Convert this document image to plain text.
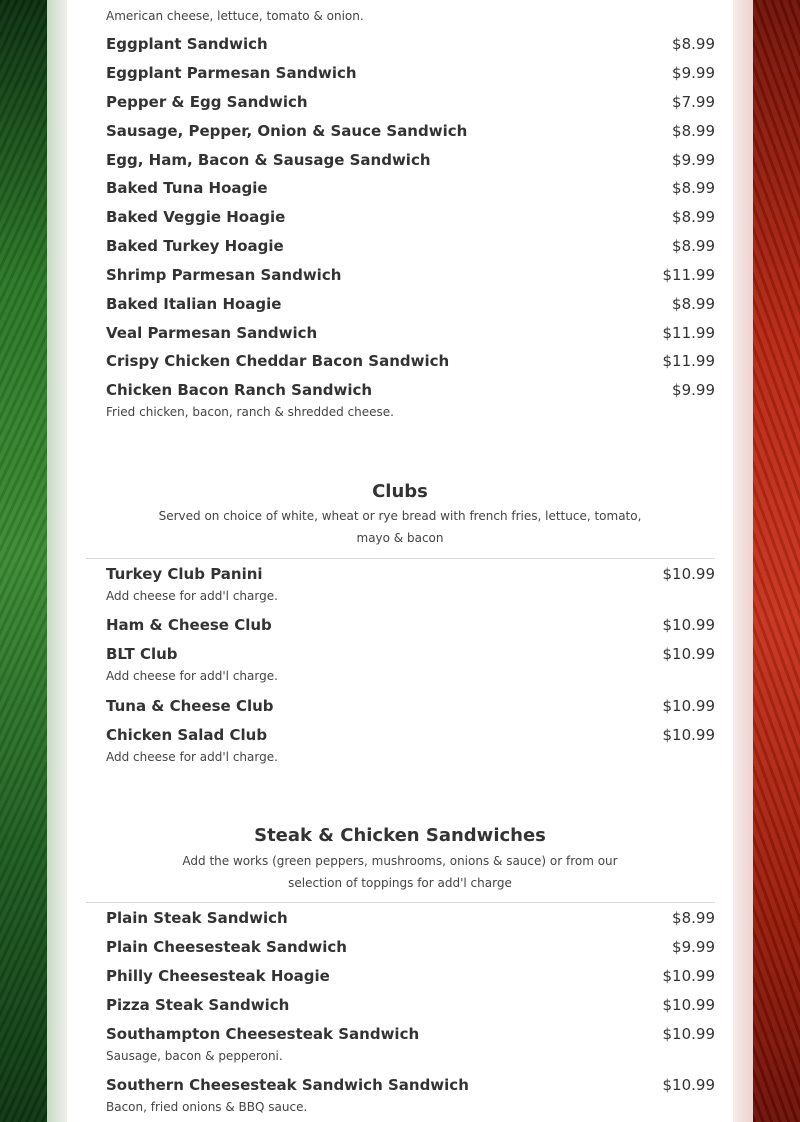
American cheese, lettuce, tomato & onion.
Eggplant Sandwich	$8.99
Eggplant Parmesan Sandwich	$9.99
Pepper & Egg Sandwich	$7.99
Sausage, Pepper, Onion & Sauce Sandwich	$8.99
Egg, Ham, Bacon & Sausage Sandwich	$9.99
Baked Tuna Hoagie	$8.99
Baked Veggie Hoagie	$8.99
Baked Turkey Hoagie	$8.99
Shrimp Parmesan Sandwich	$11.99
Baked Italian Hoagie	$8.99
Veal Parmesan Sandwich	$11.99
Crispy Chicken Cheddar Bacon Sandwich	$11.99
Chicken Bacon Ranch Sandwich	$9.99
Fried chicken, bacon, ranch & shredded cheese.
Clubs
Served on choice of white, wheat or rye bread with french fries, lettuce, tomato,
mayo & bacon
Turkey Club Panini	$10.99
Add cheese for add'l charge.
Ham & Cheese Club	$10.99
BLT Club	$10.99
Add cheese for add'l charge.
Tuna & Cheese Club	$10.99
Chicken Salad Club	$10.99
Add cheese for add'l charge.
Steak & Chicken Sandwiches
Add the works (green peppers, mushrooms, onions & sauce) or from our
selection of toppings for add'l charge
Plain Steak Sandwich	$8.99
Plain Cheesesteak Sandwich	$9.99
Philly Cheesesteak Hoagie	$10.99
Pizza Steak Sandwich	$10.99
Southampton Cheesesteak Sandwich	$10.99
Sausage, bacon & pepperoni.
Southern Cheesesteak Sandwich Sandwich	$10.99
Bacon, fried onions & BBQ sauce.
